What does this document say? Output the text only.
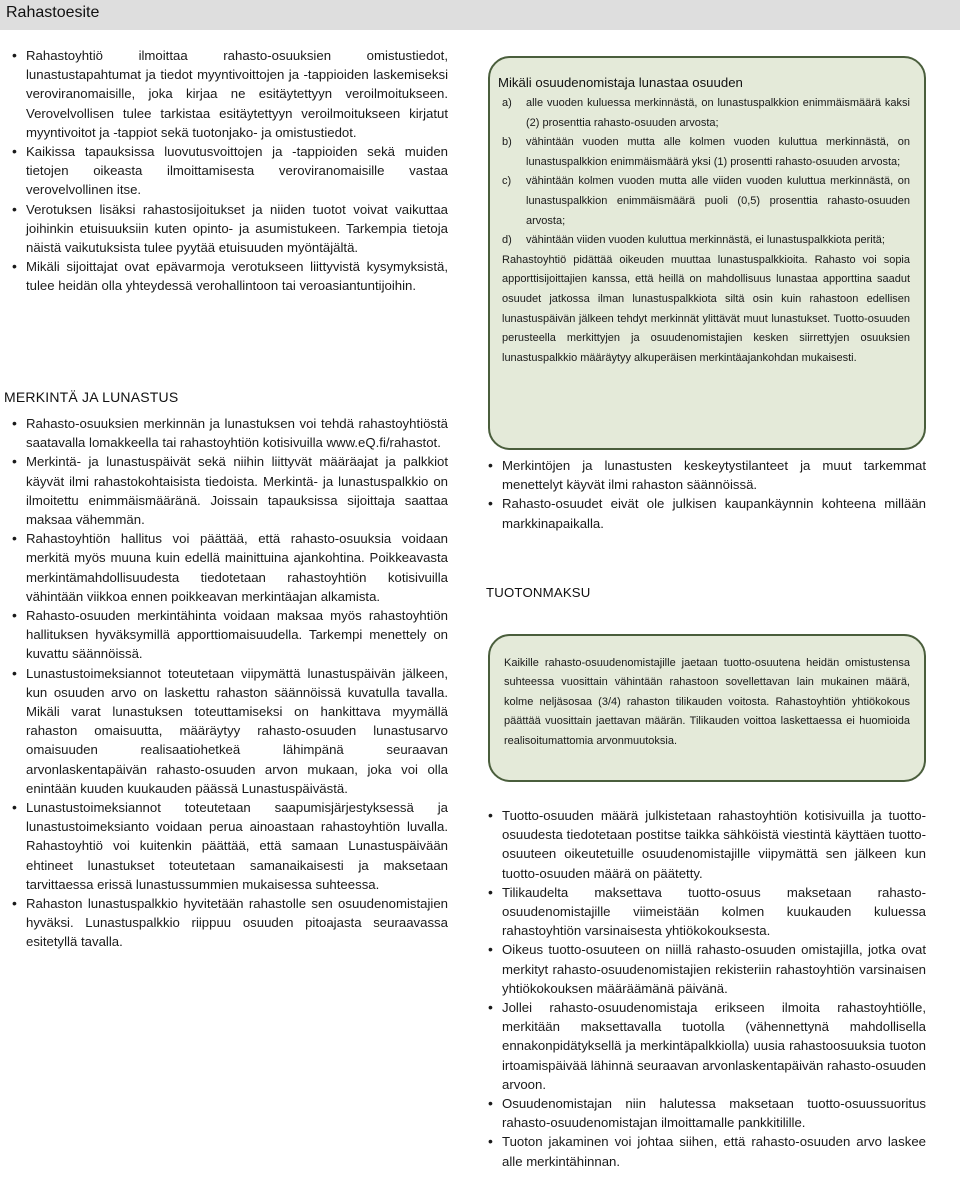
Rahastoesite
• Rahastoyhtiö ilmoittaa rahasto-osuuksien omistustiedot, lunastustapahtumat ja tiedot myyntivoittojen ja -tappioiden laskemiseksi veroviranomaisille, joka kirjaa ne esitäytettyyn veroilmoitukseen. Verovelvollisen tulee tarkistaa esitäytettyyn veroilmoitukseen kirjatut myyntivoitot ja -tappiot sekä tuotonjako- ja omistustiedot.
• Kaikissa tapauksissa luovutusvoittojen ja -tappioiden sekä muiden tietojen oikeasta ilmoittamisesta veroviranomaisille vastaa verovelvollinen itse.
• Verotuksen lisäksi rahastosijoitukset ja niiden tuotot voivat vaikuttaa joihinkin etuisuuksiin kuten opinto- ja asumistukeen. Tarkempia tietoja näistä vaikutuksista tulee pyytää etuisuuden myöntäjältä.
• Mikäli sijoittajat ovat epävarmoja verotukseen liittyvistä kysymyksistä, tulee heidän olla yhteydessä verohallintoon tai veroasiantuntijoihin.
MERKINTÄ JA LUNASTUS
• Rahasto-osuuksien merkinnän ja lunastuksen voi tehdä rahastoyhtiöstä saatavalla lomakkeella tai rahastoyhtiön kotisivuilla www.eQ.fi/rahastot.
• Merkintä- ja lunastuspäivät sekä niihin liittyvät määräajat ja palkkiot käyvät ilmi rahastokohtaisista tiedoista. Merkintä- ja lunastuspalkkio on ilmoitettu enimmäismääränä. Joissain tapauksissa sijoittaja saattaa maksaa vähemmän.
• Rahastoyhtiön hallitus voi päättää, että rahasto-osuuksia voidaan merkitä myös muuna kuin edellä mainittuina ajankohtina. Poikkeavasta merkintämahdollisuudesta tiedotetaan rahastoyhtiön kotisivuilla vähintään viikkoa ennen poikkeavan merkintäajan alkamista.
• Rahasto-osuuden merkintähinta voidaan maksaa myös rahastoyhtiön hallituksen hyväksymillä apporttiomaisuudella. Tarkempi menettely on kuvattu säännöissä.
• Lunastustoimeksiannot toteutetaan viipymättä lunastuspäivän jälkeen, kun osuuden arvo on laskettu rahaston säännöissä kuvatulla tavalla. Mikäli varat lunastuksen toteuttamiseksi on hankittava myymällä rahaston omaisuutta, määräytyy rahasto-osuuden lunastusarvo omaisuuden realisaatiohetkeä lähimpänä seuraavan arvonlaskentapäivän rahasto-osuuden arvon mukaan, joka voi olla enintään kuuden kuukauden päässä Lunastuspäivästä.
• Lunastustoimeksiannot toteutetaan saapumisjärjestyksessä ja lunastustoimeksianto voidaan perua ainoastaan rahastoyhtiön luvalla. Rahastoyhtiö voi kuitenkin päättää, että samaan Lunastuspäivään ehtineet lunastukset toteutetaan samanaikaisesti ja maksetaan tarvittaessa erissä lunastussummien mukaisessa suhteessa.
• Rahaston lunastuspalkkio hyvitetään rahastolle sen osuudenomistajien hyväksi. Lunastuspalkkio riippuu osuuden pitoajasta seuraavassa esitetyllä tavalla.
Mikäli osuudenomistaja lunastaa osuuden
a) alle vuoden kuluessa merkinnästä, on lunastuspalkkion enimmäismäärä kaksi (2) prosenttia rahasto-osuuden arvosta;
b) vähintään vuoden mutta alle kolmen vuoden kuluttua merkinnästä, on lunastuspalkkion enimmäismäärä yksi (1) prosentti rahasto-osuuden arvosta;
c) vähintään kolmen vuoden mutta alle viiden vuoden kuluttua merkinnästä, on lunastuspalkkion enimmäismäärä puoli (0,5) prosenttia rahasto-osuuden arvosta;
d) vähintään viiden vuoden kuluttua merkinnästä, ei lunastuspalkkiota peritä;
Rahastoyhtiö pidättää oikeuden muuttaa lunastuspalkkioita. Rahasto voi sopia apporttisijoittajien kanssa, että heillä on mahdollisuus lunastaa apporttina saadut osuudet jatkossa ilman lunastuspalkkiota siltä osin kuin rahastoon edellisen lunastuspäivän jälkeen tehdyt merkinnät ylittävät muut lunastukset. Tuotto-osuuden perusteella merkittyjen ja osuudenomistajien kesken siirrettyjen osuuksien lunastuspalkkio määräytyy alkuperäisen merkintäajankohdan mukaisesti.
• Merkintöjen ja lunastusten keskeytystilanteet ja muut tarkemmat menettelyt käyvät ilmi rahaston säännöissä.
• Rahasto-osuudet eivät ole julkisen kaupankäynnin kohteena millään markkinapaikalla.
TUOTONMAKSU
Kaikille rahasto-osuudenomistajille jaetaan tuotto-osuutena heidän omistustensa suhteessa vuosittain vähintään rahastoon sovellettavan lain mukainen määrä, kolme neljäsosaa (3/4) rahaston tilikauden voitosta. Rahastoyhtiön yhtiökokous päättää vuosittain jaettavan määrän. Tilikauden voittoa laskettaessa ei huomioida realisoitumattomia arvonmuutoksia.
• Tuotto-osuuden määrä julkistetaan rahastoyhtiön kotisivuilla ja tuotto-osuudesta tiedotetaan postitse taikka sähköistä viestintä käyttäen tuotto-osuuteen oikeutetuille osuudenomistajille viipymättä sen jälkeen kun tuotto-osuuden määrä on päätetty.
• Tilikaudelta maksettava tuotto-osuus maksetaan rahasto-osuudenomistajille viimeistään kolmen kuukauden kuluessa rahastoyhtiön varsinaisesta yhtiökokouksesta.
• Oikeus tuotto-osuuteen on niillä rahasto-osuuden omistajilla, jotka ovat merkityt rahasto-osuudenomistajien rekisteriin rahastoyhtiön varsinaisen yhtiökokouksen määräämänä päivänä.
• Jollei rahasto-osuudenomistaja erikseen ilmoita rahastoyhtiölle, merkitään maksettavalla tuotolla (vähennettynä mahdollisella ennakonpidätyksellä ja merkintäpalkkiolla) uusia rahastoosuuksia tuoton irtoamispäivää lähinnä seuraavan arvonlaskentapäivän rahasto-osuuden arvoon.
• Osuudenomistajan niin halutessa maksetaan tuotto-osuussuoritus rahasto-osuudenomistajan ilmoittamalle pankkitilille.
• Tuoton jakaminen voi johtaa siihen, että rahasto-osuuden arvo laskee alle merkintähinnan.
